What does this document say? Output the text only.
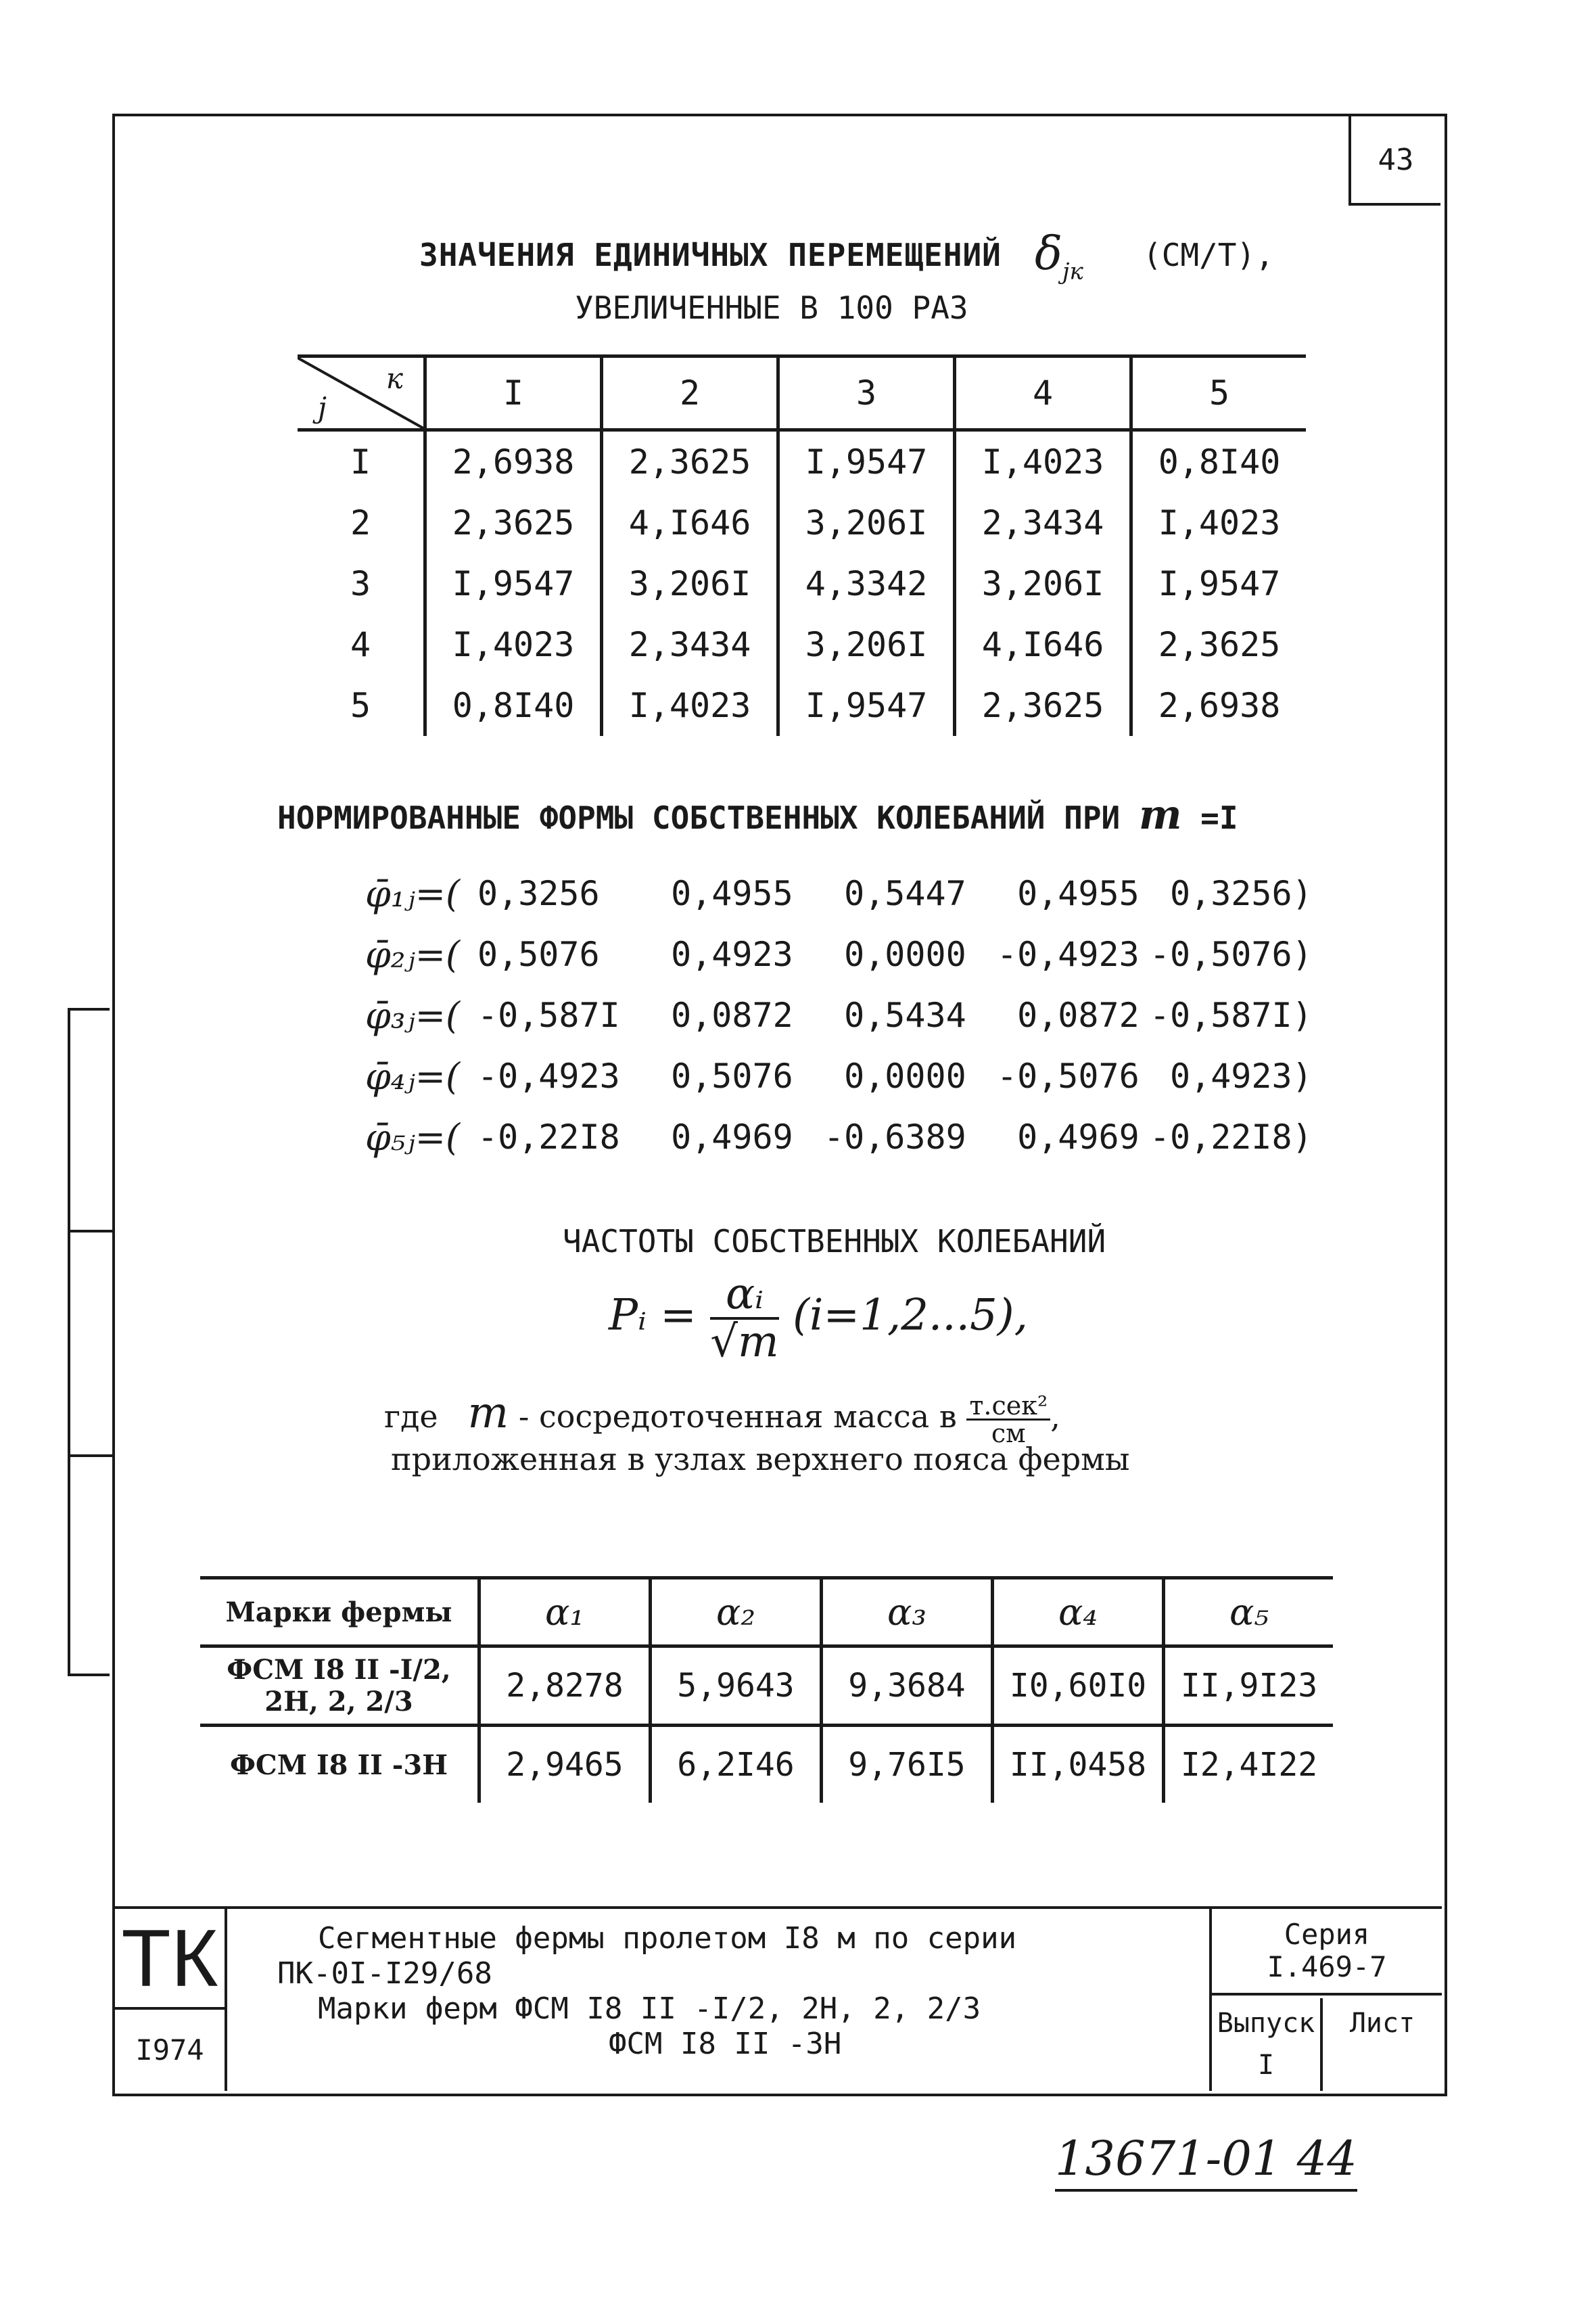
43
ЗНАЧЕНИЯ ЕДИНИЧНЫХ ПЕРЕМЕЩЕНИЙ $\delta_{jк}$ (СМ/Т),
УВЕЛИЧЕННЫЕ В 100 РАЗ
к
j	I	2	3	4	5
I	2,6938	2,3625	I,9547	I,4023	0,8I40
2	2,3625	4,I646	3,206I	2,3434	I,4023
3	I,9547	3,206I	4,3342	3,206I	I,9547
4	I,4023	2,3434	3,206I	4,I646	2,3625
5	0,8I40	I,4023	I,9547	2,3625	2,6938
НОРМИРОВАННЫЕ ФОРМЫ СОБСТВЕННЫХ КОЛЕБАНИЙ ПРИ m =I
φ̄₁ⱼ=(	0,3256	0,4955	0,5447	0,4955	0,3256)
φ̄₂ⱼ=(	0,5076	0,4923	0,0000	-0,4923	-0,5076)
φ̄₃ⱼ=(	-0,587I	0,0872	0,5434	0,0872	-0,587I)
φ̄₄ⱼ=(	-0,4923	0,5076	0,0000	-0,5076	0,4923)
φ̄₅ⱼ=(	-0,22I8	0,4969	-0,6389	0,4969	-0,22I8)
ЧАСТОТЫ СОБСТВЕННЫХ КОЛЕБАНИЙ
Pᵢ = $\frac{\text{αᵢ}}{√m} (i=1,2...5)$,
где m - сосредоточенная масса в $\frac{\text{т.сек²}}{см}$ ,
приложенная в узлах верхнего пояса фермы
Марки фермы	α₁	α₂	α₃	α₄	α₅

ФСМ I8 II -I/2,
2Н, 2, 2/3	2,8278	5,9643	9,3684	I0,60I0	II,9I23
ФСМ I8 II -3Н	2,9465	6,2I46	9,76I5	II,0458	I2,4I22
ТК
I974
Сегментные фермы пролетом I8 м по серии
ПК-0I-I29/68
Марки ферм ФСМ I8 II -I/2, 2Н, 2, 2/3
ФСМ I8 II -3Н
Серия
I.469-7
Выпуск
I
Лист
13671-01 44
